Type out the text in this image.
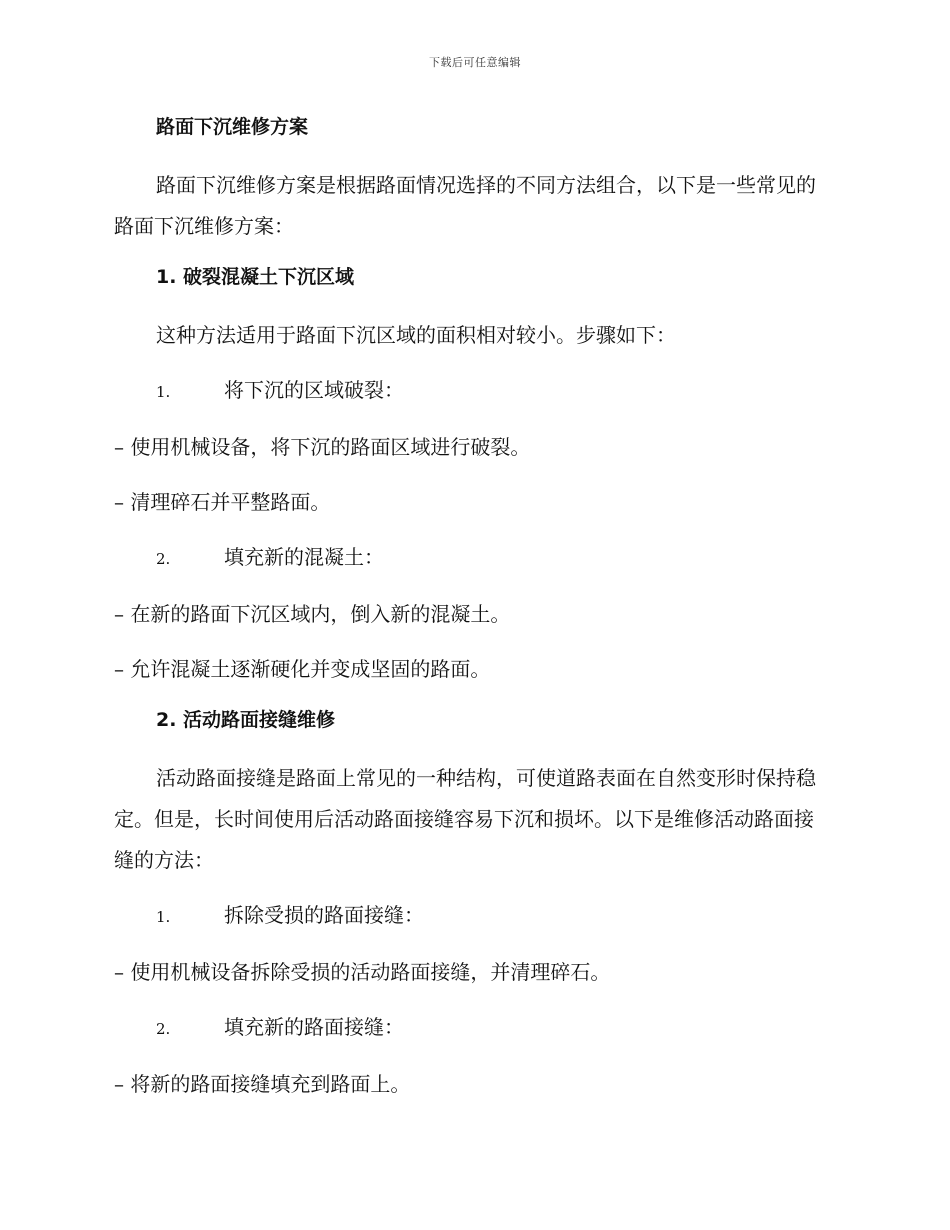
下载后可任意编辑
路面下沉维修方案
路面下沉维修方案是根据路面情况选择的不同方法组合，以下是一些常见的路面下沉维修方案：
1. 破裂混凝土下沉区域
这种方法适用于路面下沉区域的面积相对较小。步骤如下：
1.	将下沉的区域破裂：
– 使用机械设备，将下沉的路面区域进行破裂。
– 清理碎石并平整路面。
2.	填充新的混凝土：
– 在新的路面下沉区域内，倒入新的混凝土。
– 允许混凝土逐渐硬化并变成坚固的路面。
2. 活动路面接缝维修
活动路面接缝是路面上常见的一种结构，可使道路表面在自然变形时保持稳定。但是，长时间使用后活动路面接缝容易下沉和损坏。以下是维修活动路面接缝的方法：
1.	拆除受损的路面接缝：
– 使用机械设备拆除受损的活动路面接缝，并清理碎石。
2.	填充新的路面接缝：
– 将新的路面接缝填充到路面上。
